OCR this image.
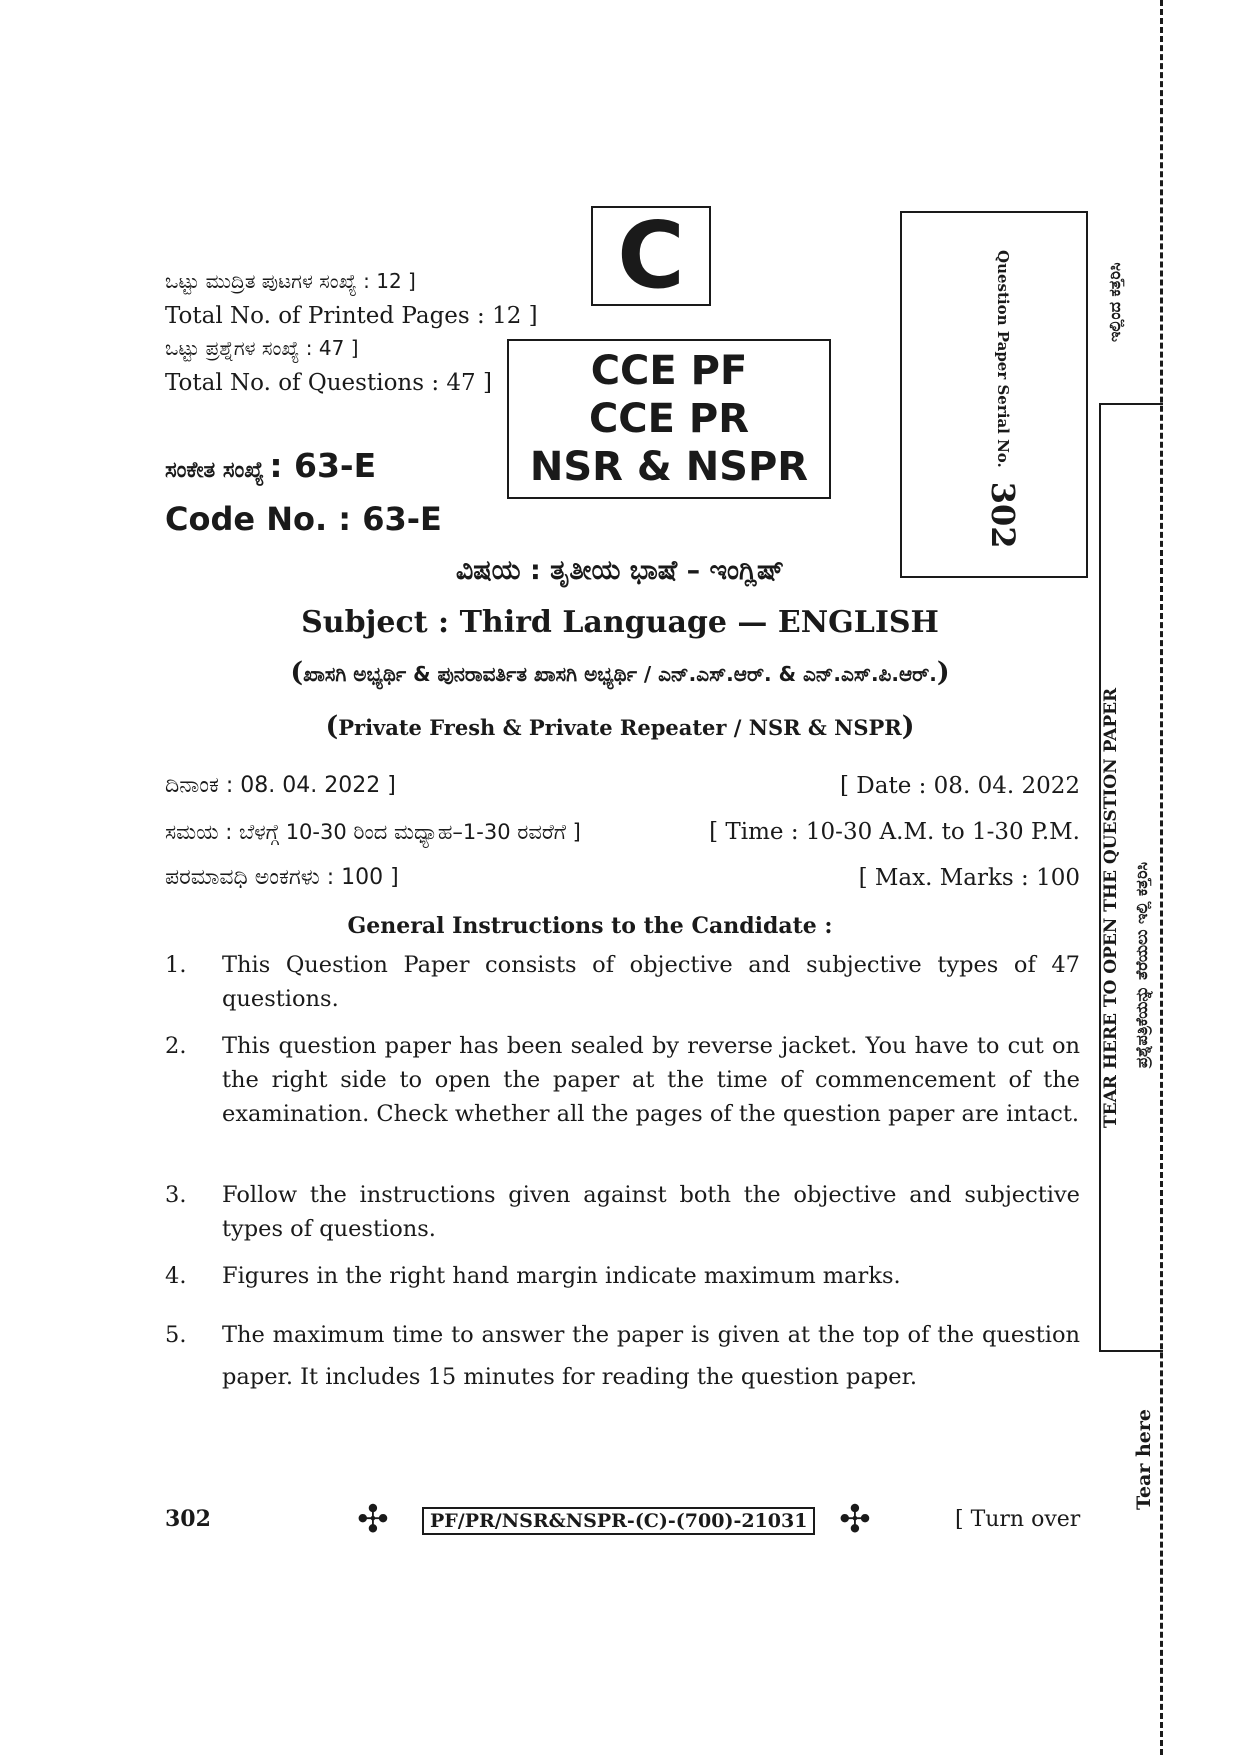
ಇಲ್ಲಿಂದ ಕತ್ತರಿಸಿ
TEAR HERE TO OPEN THE QUESTION PAPER ಪ್ರಶ್ನೆಪತ್ರಿಕೆಯನ್ನು ತೆರೆಯಲು ಇಲ್ಲಿ ಕತ್ತರಿಸಿ
Tear here
ಒಟ್ಟು ಮುದ್ರಿತ ಪುಟಗಳ ಸಂಖ್ಯೆ : 12 ]
Total No. of Printed Pages : 12 ]
ಒಟ್ಟು ಪ್ರಶ್ನೆಗಳ ಸಂಖ್ಯೆ : 47 ]
Total No. of Questions : 47 ]
ಸಂಕೇತ ಸಂಖ್ಯೆ : 63-E
Code No. : 63-E
C
CCE PF
CCE PR
NSR & NSPR	Question Paper Serial No.
302
ವಿಷಯ : ತೃತೀಯ ಭಾಷೆ – ಇಂಗ್ಲಿಷ್
Subject : Third Language — ENGLISH
(ಖಾಸಗಿ ಅಭ್ಯರ್ಥಿ & ಪುನರಾವರ್ತಿತ ಖಾಸಗಿ ಅಭ್ಯರ್ಥಿ / ಎನ್.ಎಸ್.ಆರ್. & ಎನ್.ಎಸ್.ಪಿ.ಆರ್.)
(Private Fresh & Private Repeater / NSR & NSPR)
ದಿನಾಂಕ : 08. 04. 2022 ]	[ Date : 08. 04. 2022
ಸಮಯ : ಬೆಳಗ್ಗೆ 10-30 ರಿಂದ ಮಧ್ಯಾಹ–1-30 ರವರೆಗೆ ]	[ Time : 10-30 A.M. to 1-30 P.M.
ಪರಮಾವಧಿ ಅಂಕಗಳು : 100 ]	[ Max. Marks : 100
General Instructions to the Candidate :
1.	This Question Paper consists of objective and subjective types of 47 questions.
2.	This question paper has been sealed by reverse jacket. You have to cut on the right side to open the paper at the time of commencement of the examination. Check whether all the pages of the question paper are intact.
3.	Follow the instructions given against both the objective and subjective types of questions.
4.	Figures in the right hand margin indicate maximum marks.
5.	The maximum time to answer the paper is given at the top of the question paper. It includes 15 minutes for reading the question paper.
302	✣	PF/PR/NSR&NSPR-(C)-(700)-21031 ✣	[ Turn over
